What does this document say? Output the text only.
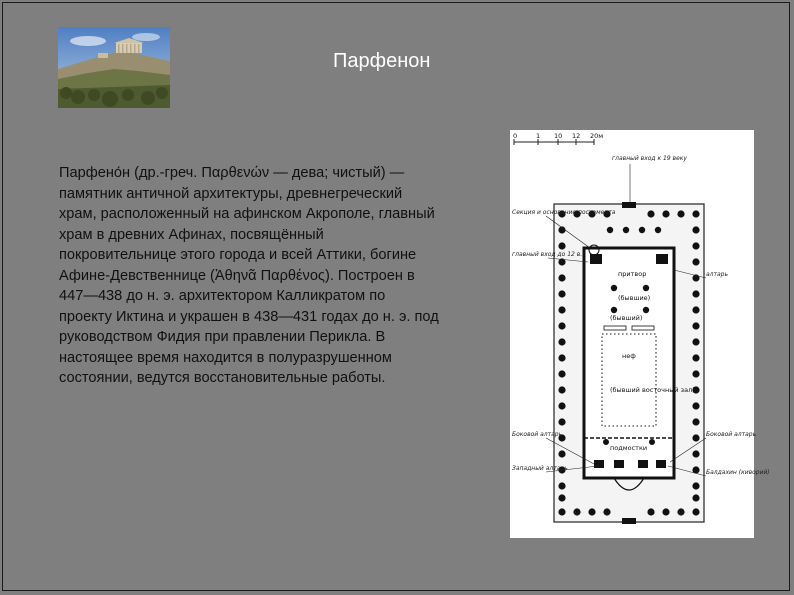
Парфенон
Парфено́н (др.-греч. Παρθενών — дева; чистый) — памятник античной архитектуры, древнегреческий храм, расположенный на афинском Акрополе, главный храм в древних Афинах, посвящённый покровительнице этого города и всей Аттики, богине Афине-Девственнице (Ἀθηνᾶ Παρθένος). Построен в 447—438 до н. э. архитектором Калликратом по проекту Иктина и украшен в 438—431 годах до н. э. под руководством Фидия при правлении Перикла. В настоящее время находится в полуразрушенном состоянии, ведутся восстановительные работы.
0	1 10 12 20м
главный вход к 19 веку
Секция и основание постамента
главный вход до 12 в.
притвор
(бывшие)
(бывший)
неф
(бывший восточный зал)
подмостки
Боковой алтарь
Западный алтарь
алтарь
Боковой алтарь
Балдахин (киворий)
